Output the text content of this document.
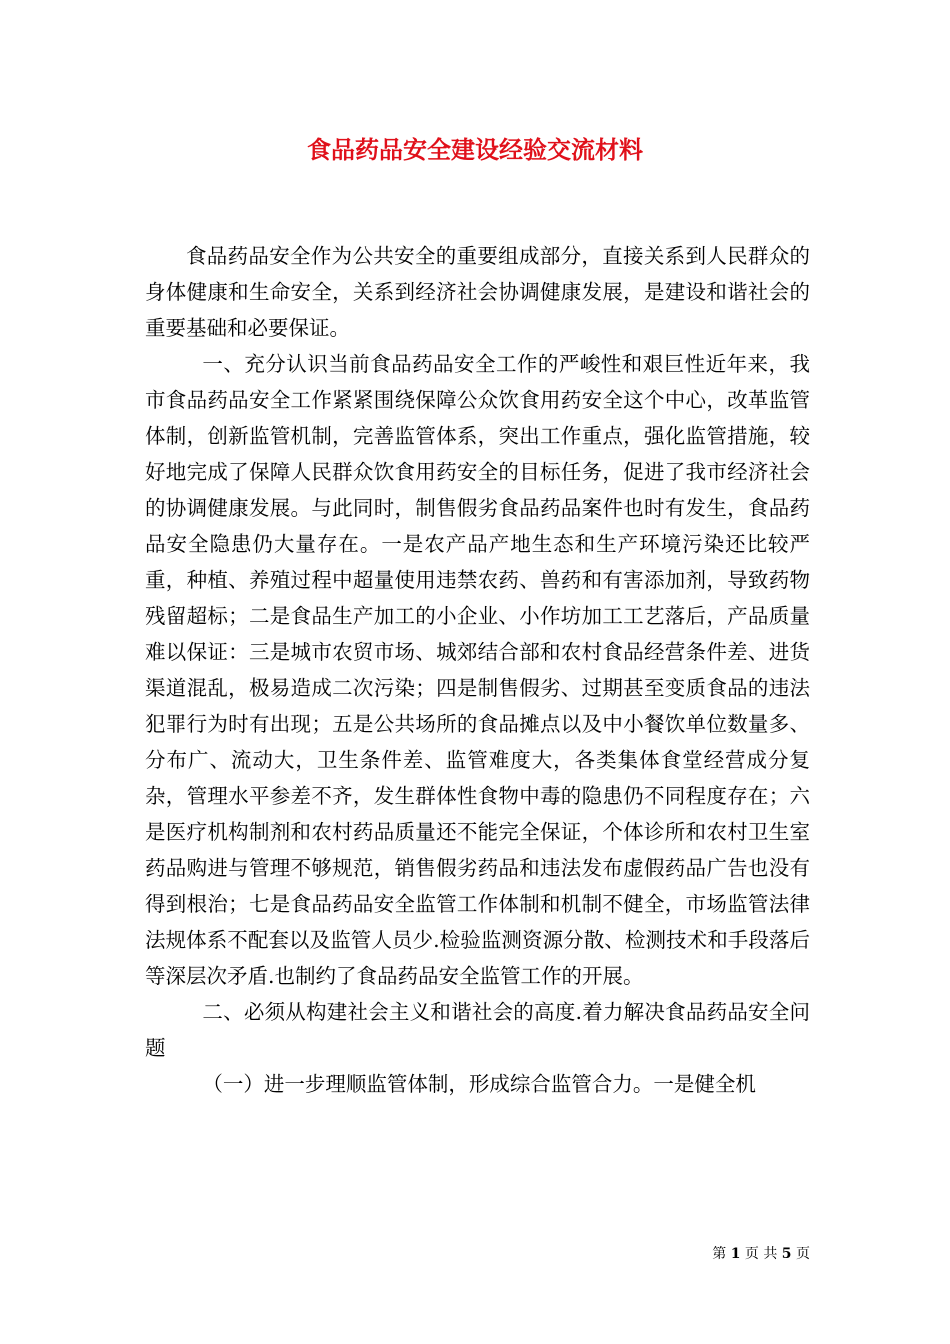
食品药品安全建设经验交流材料

食品药品安全作为公共安全的重要组成部分，直接关系到人民群众的身体健康和生命安全，关系到经济社会协调健康发展，是建设和谐社会的重要基础和必要保证。

一、充分认识当前食品药品安全工作的严峻性和艰巨性近年来，我市食品药品安全工作紧紧围绕保障公众饮食用药安全这个中心，改革监管体制，创新监管机制，完善监管体系，突出工作重点，强化监管措施，较好地完成了保障人民群众饮食用药安全的目标任务，促进了我市经济社会的协调健康发展。与此同时，制售假劣食品药品案件也时有发生，食品药品安全隐患仍大量存在。一是农产品产地生态和生产环境污染还比较严重，种植、养殖过程中超量使用违禁农药、兽药和有害添加剂，导致药物残留超标；二是食品生产加工的小企业、小作坊加工工艺落后，产品质量难以保证：三是城市农贸市场、城郊结合部和农村食品经营条件差、进货渠道混乱，极易造成二次污染；四是制售假劣、过期甚至变质食品的违法犯罪行为时有出现；五是公共场所的食品摊点以及中小餐饮单位数量多、分布广、流动大，卫生条件差、监管难度大，各类集体食堂经营成分复杂，管理水平参差不齐，发生群体性食物中毒的隐患仍不同程度存在；六是医疗机构制剂和农村药品质量还不能完全保证，个体诊所和农村卫生室药品购进与管理不够规范，销售假劣药品和违法发布虚假药品广告也没有得到根治；七是食品药品安全监管工作体制和机制不健全，市场监管法律法规体系不配套以及监管人员少.检验监测资源分散、检测技术和手段落后等深层次矛盾.也制约了食品药品安全监管工作的开展。

二、必须从构建社会主义和谐社会的高度.着力解决食品药品安全问题

（一）进一步理顺监管体制，形成综合监管合力。一是健全机

第 1 页 共 5 页
